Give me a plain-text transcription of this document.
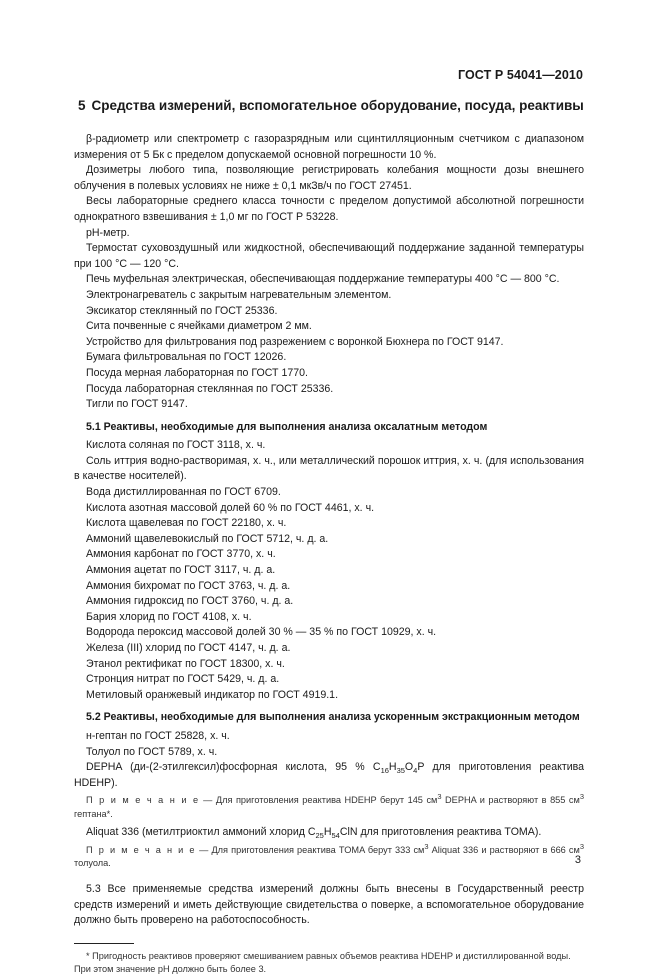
ГОСТ Р 54041—2010
5 Средства измерений, вспомогательное оборудование, посуда, реактивы

β-радиометр или спектрометр с газоразрядным или сцинтилляционным счетчиком с диапазоном измерения от 5 Бк с пределом допускаемой основной погрешности 10 %.

Дозиметры любого типа, позволяющие регистрировать колебания мощности дозы внешнего облучения в полевых условиях не ниже ± 0,1 мкЗв/ч по ГОСТ 27451.

Весы лабораторные среднего класса точности с пределом допустимой абсолютной погрешности однократного взвешивания ± 1,0 мг по ГОСТ Р 53228.

рН-метр.

Термостат суховоздушный или жидкостной, обеспечивающий поддержание заданной температуры при 100 °С — 120 °С.

Печь муфельная электрическая, обеспечивающая поддержание температуры 400 °С — 800 °С.

Электронагреватель с закрытым нагревательным элементом.

Эксикатор стеклянный по ГОСТ 25336.

Сита почвенные с ячейками диаметром 2 мм.

Устройство для фильтрования под разрежением с воронкой Бюхнера по ГОСТ 9147.

Бумага фильтровальная по ГОСТ 12026.

Посуда мерная лабораторная по ГОСТ 1770.

Посуда лабораторная стеклянная по ГОСТ 25336.

Тигли по ГОСТ 9147.

5.1 Реактивы, необходимые для выполнения анализа оксалатным методом

Кислота соляная по ГОСТ 3118, х. ч.

Соль иттрия водно-растворимая, х. ч., или металлический порошок иттрия, х. ч. (для использования в качестве носителей).

Вода дистиллированная по ГОСТ 6709.

Кислота азотная массовой долей 60 % по ГОСТ 4461, х. ч.

Кислота щавелевая по ГОСТ 22180, х. ч.

Аммоний щавелевокислый по ГОСТ 5712, ч. д. а.

Аммония карбонат по ГОСТ 3770, х. ч.

Аммония ацетат по ГОСТ 3117, ч. д. а.

Аммония бихромат по ГОСТ 3763, ч. д. а.

Аммония гидроксид по ГОСТ 3760, ч. д. а.

Бария хлорид по ГОСТ 4108, х. ч.

Водорода пероксид массовой долей 30 % — 35 % по ГОСТ 10929, х. ч.

Железа (III) хлорид по ГОСТ 4147, ч. д. а.

Этанол ректификат по ГОСТ 18300, х. ч.

Стронция нитрат по ГОСТ 5429, ч. д. а.

Метиловый оранжевый индикатор по ГОСТ 4919.1.

5.2 Реактивы, необходимые для выполнения анализа ускоренным экстракционным методом

н-гептан по ГОСТ 25828, х. ч.

Толуол по ГОСТ 5789, х. ч.

DEPHA (ди-(2-этилгексил)фосфорная кислота, 95 % $C_{16}H_{35}O_4P$ для приготовления реактива HDEHP).

П р и м е ч а н и е — Для приготовления реактива HDEHP берут 145 $см^3$ DEPHA и растворяют в 855 $см^3$ гептана*.

Aliquat 336 (метилтриоктил аммоний хлорид $C_{25}H_{54}ClN$ для приготовления реактива TOMA).

П р и м е ч а н и е — Для приготовления реактива TOMA берут 333 $см^3$ Aliquat 336 и растворяют в 666 $см^3$ толуола.

5.3 Все применяемые средства измерений должны быть внесены в Государственный реестр средств измерений и иметь действующие свидетельства о поверке, а вспомогательное оборудование должно быть проверено на работоспособность.

* Пригодность реактивов проверяют смешиванием равных объемов реактива HDEHP и дистиллированной воды. При этом значение рН должно быть более 3.

3
